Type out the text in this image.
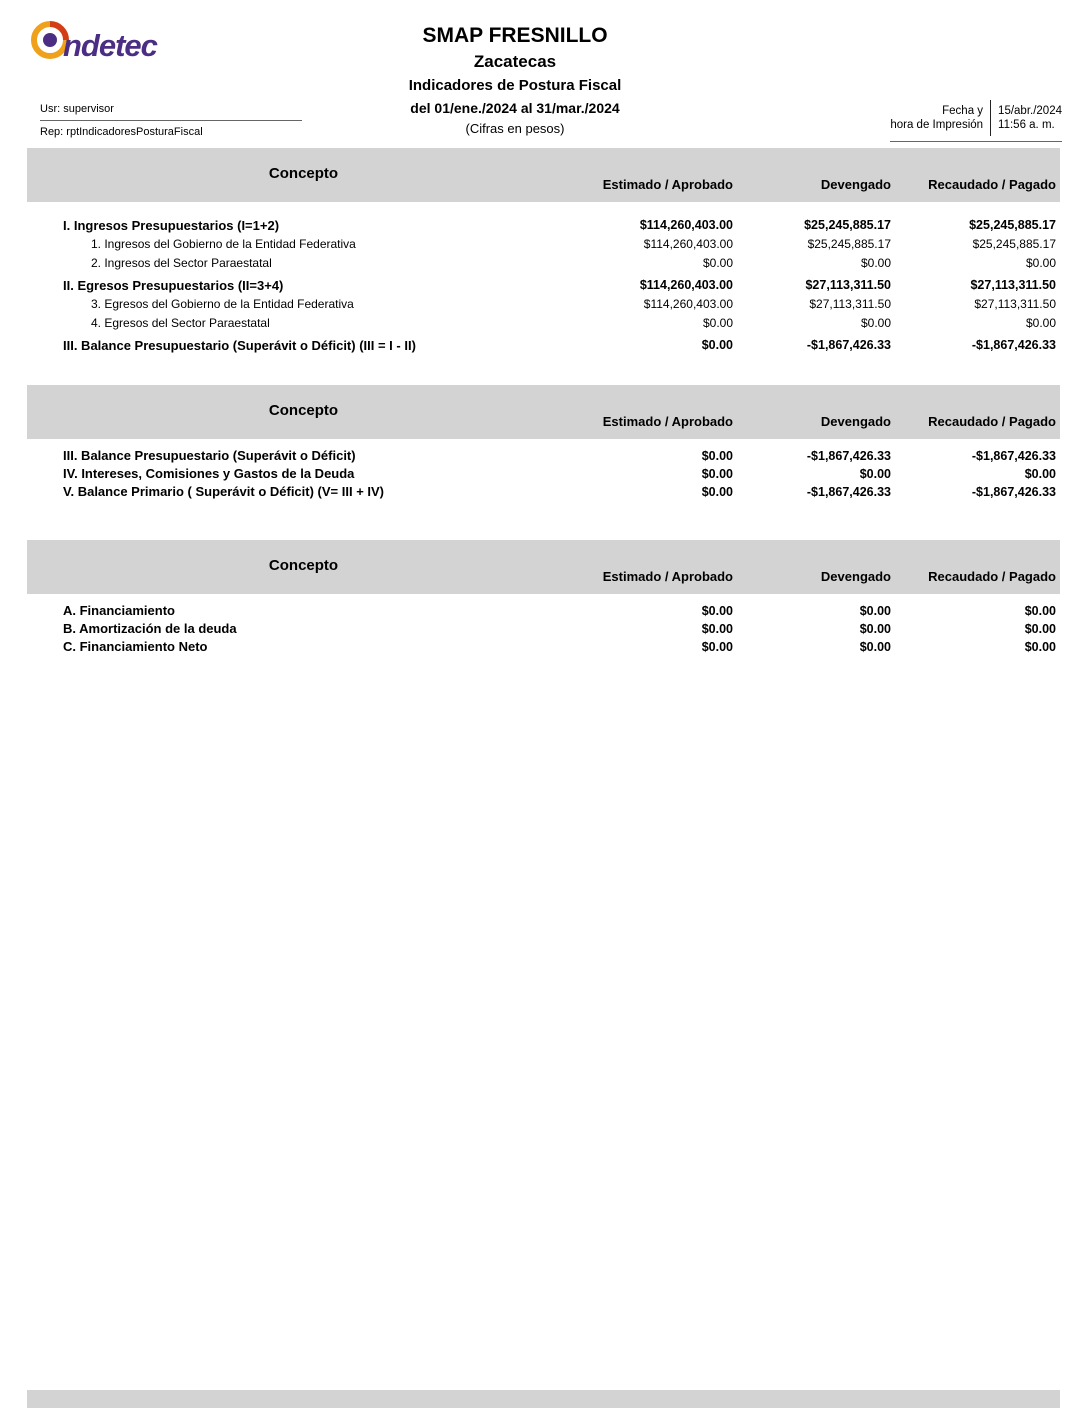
ndetec	SMAP FRESNILLO
Zacatecas
Indicadores de Postura Fiscal
del 01/ene./2024 al 31/mar./2024
(Cifras en pesos)
Usr: supervisor
Rep: rptIndicadoresPosturaFiscal
Fecha y
hora de Impresión
15/abr./2024
11:56 a. m.
Concepto
Estimado / Aprobado	Devengado	Recaudado / Pagado
I. Ingresos Presupuestarios (I=1+2)	$114,260,403.00	$25,245,885.17	$25,245,885.17
1. Ingresos del Gobierno de la Entidad Federativa	$114,260,403.00	$25,245,885.17	$25,245,885.17
2. Ingresos del Sector Paraestatal	$0.00	$0.00	$0.00
II. Egresos Presupuestarios (II=3+4)	$114,260,403.00	$27,113,311.50	$27,113,311.50
3. Egresos del Gobierno de la Entidad Federativa	$114,260,403.00	$27,113,311.50	$27,113,311.50
4. Egresos del Sector Paraestatal	$0.00	$0.00	$0.00
III. Balance Presupuestario (Superávit o Déficit) (III = I - II)	$0.00	-$1,867,426.33	-$1,867,426.33
Concepto
Estimado / Aprobado	Devengado	Recaudado / Pagado
III. Balance Presupuestario (Superávit o Déficit)	$0.00	-$1,867,426.33	-$1,867,426.33
IV. Intereses, Comisiones y Gastos de la Deuda	$0.00	$0.00	$0.00
V. Balance Primario ( Superávit o Déficit) (V= III + IV)	$0.00	-$1,867,426.33	-$1,867,426.33
Concepto
Estimado / Aprobado	Devengado	Recaudado / Pagado
A. Financiamiento	$0.00	$0.00	$0.00
B. Amortización de la deuda	$0.00	$0.00	$0.00
C. Financiamiento Neto	$0.00	$0.00	$0.00
